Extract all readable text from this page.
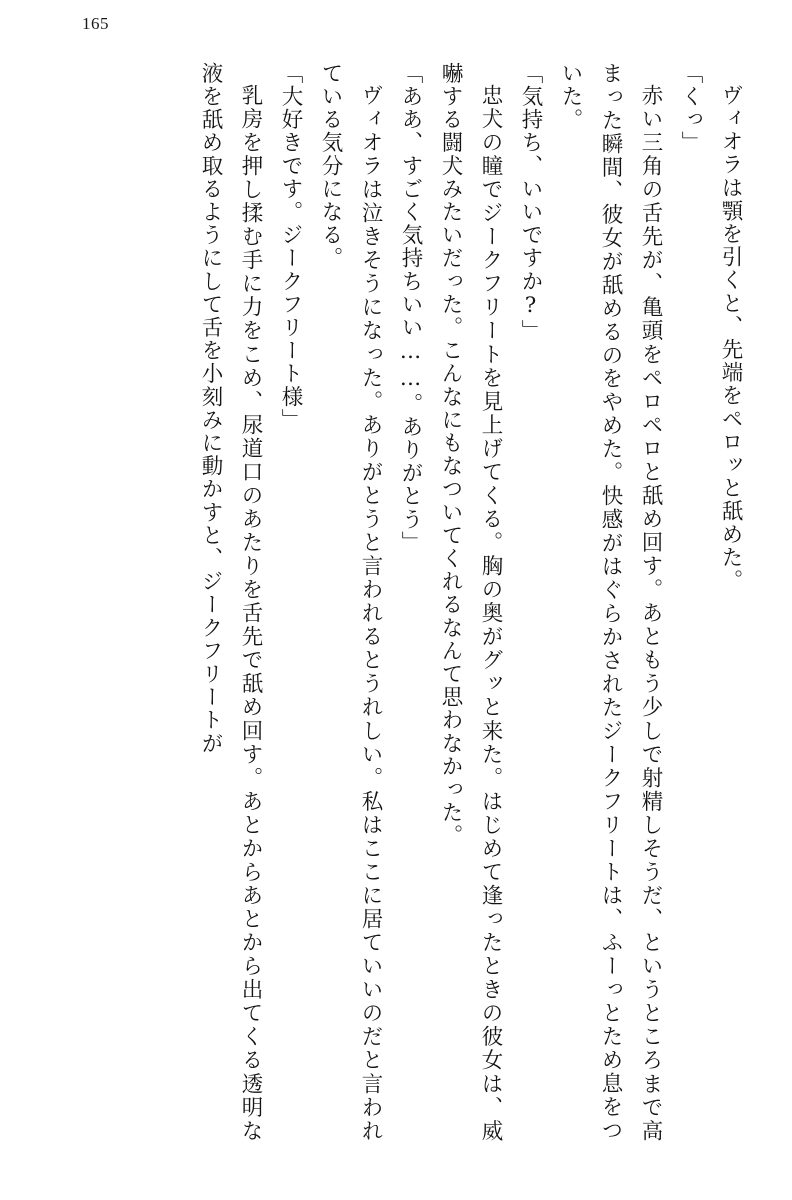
165

ヴィオラは顎を引くと、先端をペロッと舐めた。

「くっ」

赤い三角の舌先が、亀頭をペロペロと舐め回す。あともう少しで射精しそうだ、というところまで高まった瞬間、彼女が舐めるのをやめた。快感がはぐらかされたジークフリートは、ふーっとため息をついた。

「気持ち、いいですか?」

忠犬の瞳でジークフリートを見上げてくる。胸の奥がグッと来た。はじめて逢ったときの彼女は、威嚇する闘犬みたいだった。こんなにもなついてくれるなんて思わなかった。

「ああ、すごく気持ちいい……。ありがとう」

ヴィオラは泣きそうになった。ありがとうと言われるとうれしい。私はここに居ていいのだと言われている気分になる。

「大好きです。ジークフリート様」

乳房を押し揉む手に力をこめ、尿道口のあたりを舌先で舐め回す。あとからあとから出てくる透明な液を舐め取るようにして舌を小刻みに動かすと、ジークフリートが
